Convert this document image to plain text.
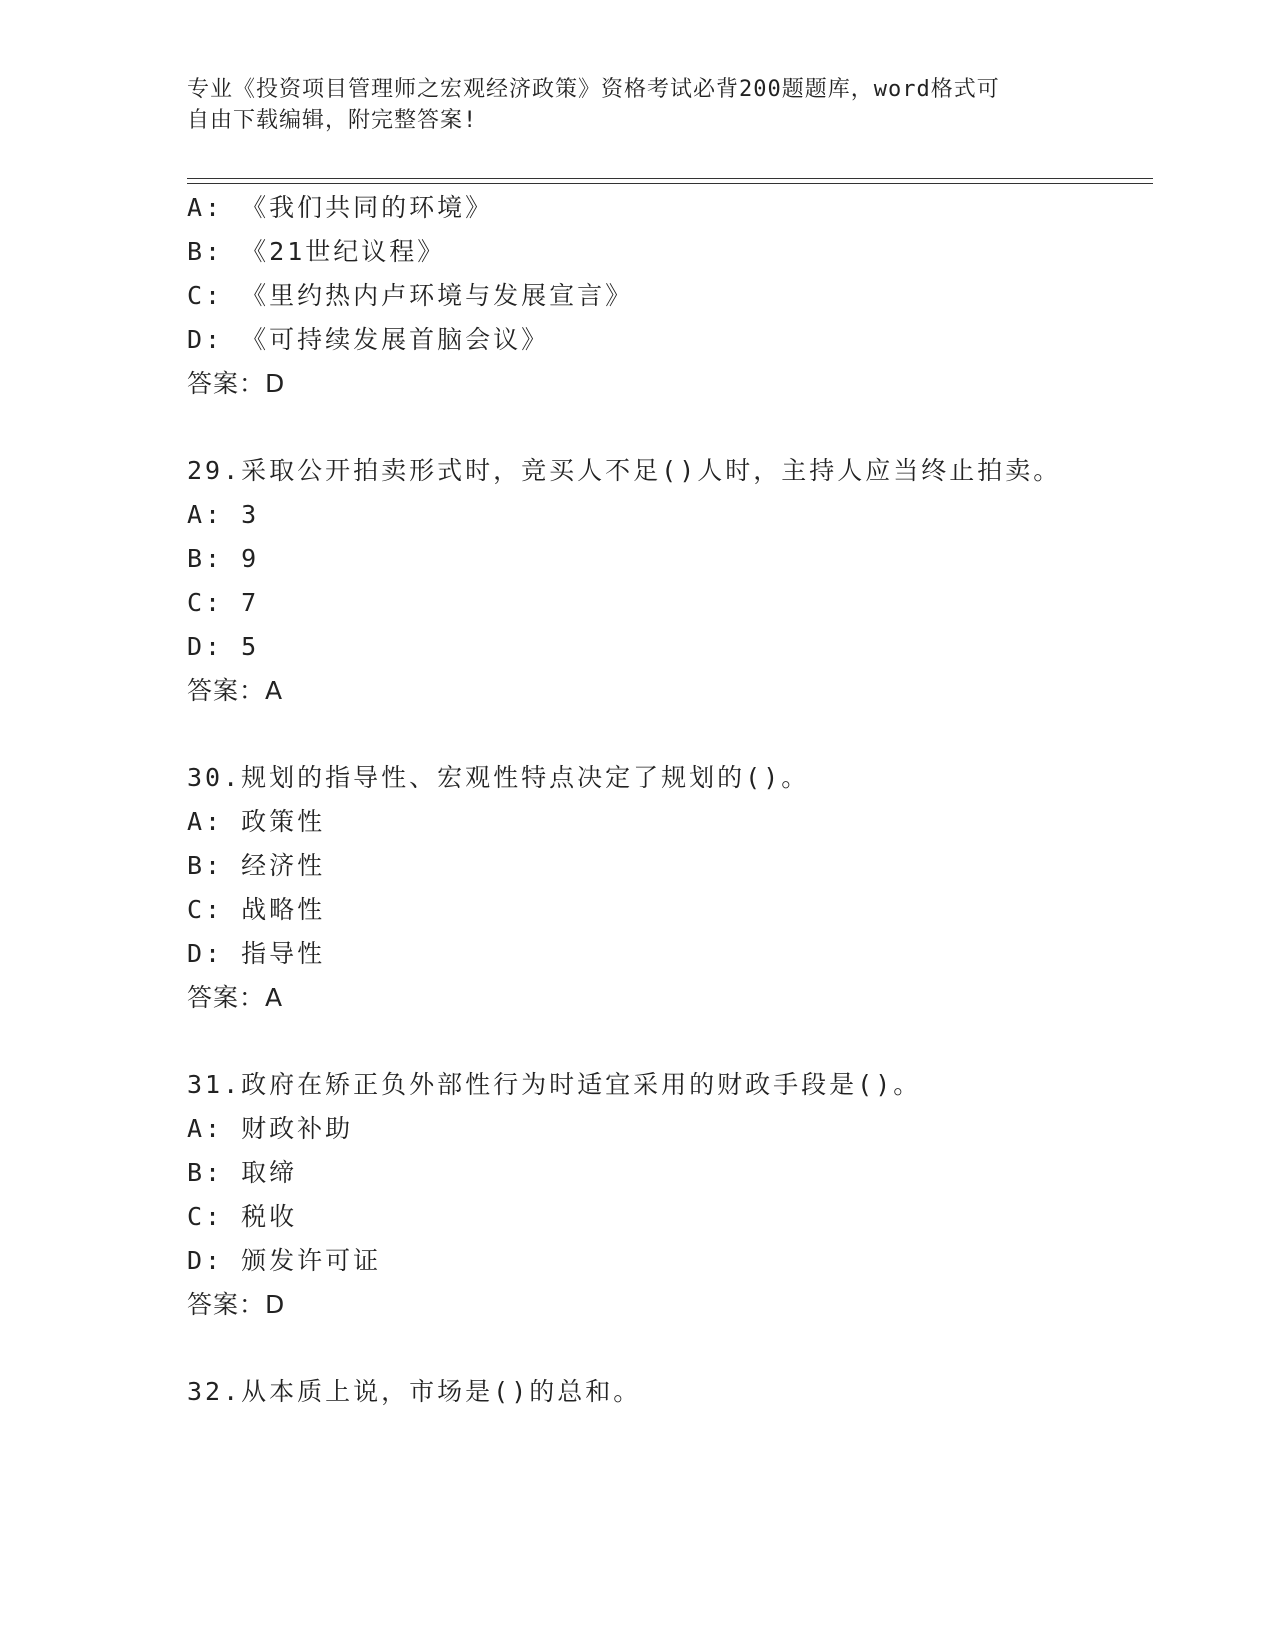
专业《投资项目管理师之宏观经济政策》资格考试必背200题题库，word格式可
自由下载编辑，附完整答案!
A: 《我们共同的环境》
B: 《21世纪议程》
C: 《里约热内卢环境与发展宣言》
D: 《可持续发展首脑会议》
答案：D
29.采取公开拍卖形式时，竞买人不足()人时，主持人应当终止拍卖。
A: 3
B: 9
C: 7
D: 5
答案：A
30.规划的指导性、宏观性特点决定了规划的()。
A: 政策性
B: 经济性
C: 战略性
D: 指导性
答案：A
31.政府在矫正负外部性行为时适宜采用的财政手段是()。
A: 财政补助
B: 取缔
C: 税收
D: 颁发许可证
答案：D
32.从本质上说，市场是()的总和。
